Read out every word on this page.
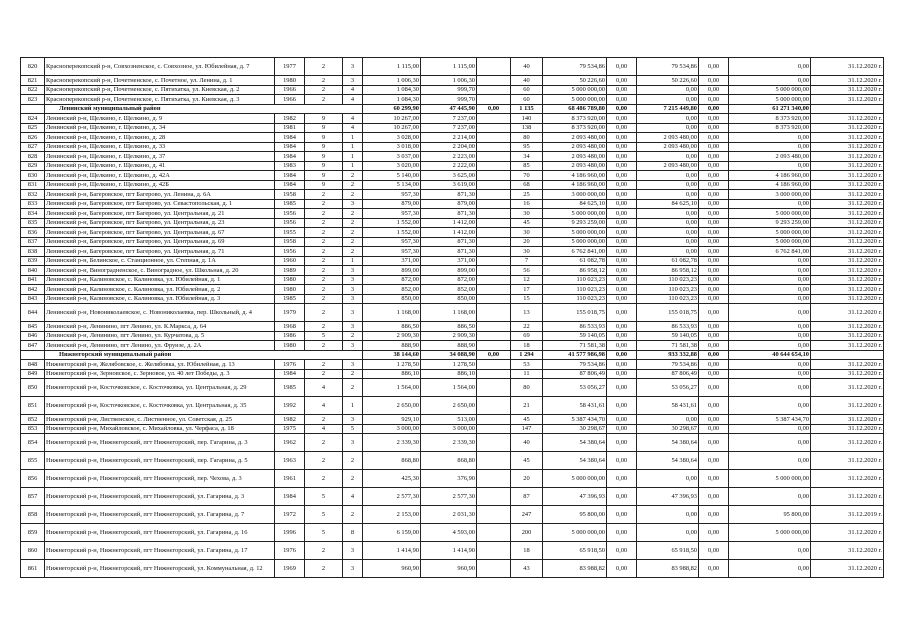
820	Красноперекопский р-н, Совхозненское, с. Совхозное, ул. Юбилейная, д. 7	1977	2	3	1 115,00	1 115,00		40	79 534,86	0,00	79 534,86	0,00	0,00	31.12.2020 г.
821	Красноперекопский р-н, Почетненское, с. Почетное, ул. Ленина, д. 1	1980	2	3	1 006,30	1 006,30		40	50 226,60	0,00	50 226,60	0,00	0,00	31.12.2020 г.
822	Красноперекопский р-н, Почетненское, с. Пятихатка, ул. Киевская, д. 2	1966	2	4	1 084,30	999,70		60	5 000 000,00	0,00	0,00	0,00	5 000 000,00	31.12.2020 г.
823	Красноперекопский р-н, Почетненское, с. Пятихатка, ул. Киевская, д. 3	1966	2	4	1 084,30	999,70		60	5 000 000,00	0,00	0,00	0,00	5 000 000,00	31.12.2020 г.
	Ленинский муниципальный район				60 299,90	47 445,90	0,00	1 135	68 486 789,80	0,00	7 215 449,80	0,00	61 271 340,00	
824	Ленинский р-н, Щелкино, г. Щелкино, д. 9	1982	9	4	10 267,00	7 237,00		140	8 373 920,00	0,00	0,00	0,00	8 373 920,00	31.12.2020 г.
825	Ленинский р-н, Щелкино, г. Щелкино, д. 34	1981	9	4	10 267,00	7 237,00		138	8 373 920,00	0,00	0,00	0,00	8 373 920,00	31.12.2020 г.
826	Ленинский р-н, Щелкино, г. Щелкино, д. 28	1984	9	1	3 028,00	2 214,00		80	2 093 480,00	0,00	2 093 480,00	0,00	0,00	31.12.2020 г.
827	Ленинский р-н, Щелкино, г. Щелкино, д. 33	1984	9	1	3 018,00	2 204,00		95	2 093 480,00	0,00	2 093 480,00	0,00	0,00	31.12.2020 г.
828	Ленинский р-н, Щелкино, г. Щелкино, д. 37	1984	9	1	3 037,00	2 223,00		34	2 093 480,00	0,00	0,00	0,00	2 093 480,00	31.12.2020 г.
829	Ленинский р-н, Щелкино, г. Щелкино, д. 41	1983	9	1	3 020,00	2 222,00		85	2 093 480,00	0,00	2 093 480,00	0,00	0,00	31.12.2020 г.
830	Ленинский р-н, Щелкино, г. Щелкино, д. 42А	1984	9	2	5 140,00	3 625,00		70	4 186 960,00	0,00	0,00	0,00	4 186 960,00	31.12.2020 г.
831	Ленинский р-н, Щелкино, г. Щелкино, д. 42Б	1984	9	2	5 134,00	3 619,00		68	4 186 960,00	0,00	0,00	0,00	4 186 960,00	31.12.2020 г.
832	Ленинский р-н, Багеровское, пгт Багерово, ул. Ленина, д. 6А	1958	2	2	957,30	871,30		25	3 000 000,00	0,00	0,00	0,00	3 000 000,00	31.12.2020 г.
833	Ленинский р-н, Багеровское, пгт Багерово, ул. Севастопольская, д. 1	1985	2	3	879,00	879,00		16	84 625,10	0,00	84 625,10	0,00	0,00	31.12.2020 г.
834	Ленинский р-н, Багеровское, пгт Багерово, ул. Центральная, д. 21	1956	2	2	957,30	871,30		30	5 000 000,00	0,00	0,00	0,00	5 000 000,00	31.12.2020 г.
835	Ленинский р-н, Багеровское, пгт Багерово, ул. Центральная, д. 23	1956	2	2	1 552,00	1 412,00		45	9 293 259,00	0,00	0,00	0,00	9 293 259,00	31.12.2020 г.
836	Ленинский р-н, Багеровское, пгт Багерово, ул. Центральная, д. 67	1955	2	2	1 552,00	1 412,00		30	5 000 000,00	0,00	0,00	0,00	5 000 000,00	31.12.2020 г.
837	Ленинский р-н, Багеровское, пгт Багерово, ул. Центральная, д. 69	1958	2	2	957,30	871,30		20	5 000 000,00	0,00	0,00	0,00	5 000 000,00	31.12.2020 г.
838	Ленинский р-н, Багеровское, пгт Багерово, ул. Центральная, д. 71	1956	2	2	957,30	871,30		30	6 762 841,00	0,00	0,00	0,00	6 762 841,00	31.12.2020 г.
839	Ленинский р-н, Белинское, с. Станционное, ул. Степная, д. 1А	1960	2	1	371,00	371,00		7	61 082,78	0,00	61 082,78	0,00	0,00	31.12.2020 г.
840	Ленинский р-н, Виноградненское, с. Виноградное, ул. Школьная, д. 20	1989	2	3	899,00	899,00		56	86 958,12	0,00	86 958,12	0,00	0,00	31.12.2020 г.
841	Ленинский р-н, Калиновское, с. Калиновка, ул. Юбилейная, д. 1	1980	2	3	872,00	872,00		12	110 023,23	0,00	110 023,23	0,00	0,00	31.12.2020 г.
842	Ленинский р-н, Калиновское, с. Калиновка, ул. Юбилейная, д. 2	1980	2	3	852,00	852,00		17	110 023,23	0,00	110 023,23	0,00	0,00	31.12.2020 г.
843	Ленинский р-н, Калиновское, с. Калиновка, ул. Юбилейная, д. 3	1985	2	3	850,00	850,00		15	110 023,23	0,00	110 023,23	0,00	0,00	31.12.2020 г.
844	Ленинский р-н, Новониколаевское, с. Новониколаевка, пер. Школьный, д. 4	1979	2	3	1 168,00	1 168,00		13	155 018,75	0,00	155 018,75	0,00	0,00	31.12.2020 г.
845	Ленинский р-н, Ленинино, пгт Ленино, ул. К.Маркса, д. 64	1968	2	3	886,50	886,50		22	86 533,93	0,00	86 533,93	0,00	0,00	31.12.2020 г.
846	Ленинский р-н, Ленинино, пгт Ленино, ул. Курчатова, д. 5	1986	5	2	2 909,30	2 909,30		69	59 140,05	0,00	59 140,05	0,00	0,00	31.12.2020 г.
847	Ленинский р-н, Ленинино, пгт Ленино, ул. Фрунзе, д. 2А	1980	2	3	888,90	888,90		18	71 581,38	0,00	71 581,38	0,00	0,00	31.12.2020 г.
	Нижнегорский муниципальный район				38 144,60	34 088,90	0,00	1 294	41 577 986,98	0,00	933 332,88	0,00	40 644 654,10	
848	Нижнегорский р-н, Желябовское, с. Желябовка, ул. Юбилейная, д. 13	1976	2	3	1 278,50	1 278,50		53	79 534,86	0,00	79 534,86	0,00	0,00	31.12.2020 г.
849	Нижнегорский р-н, Зерновское, с. Зерновое, ул. 40 лет Победы, д. 3	1984	2	2	886,10	886,10		11	87 806,49	0,00	87 806,49	0,00	0,00	31.12.2020 г.
850	Нижнегорский р-н, Косточковское, с. Косточковка, ул. Центральная, д. 29	1985	4	2	1 564,00	1 564,00		80	53 056,27	0,00	53 056,27	0,00	0,00	31.12.2020 г.
851	Нижнегорский р-н, Косточковское, с. Косточковка, ул. Центральная, д. 35	1992	4	1	2 650,00	2 650,00		21	58 431,61	0,00	58 431,61	0,00	0,00	31.12.2020 г.
852	Нижнегорский р-н, Лиственское, с. Лиственное, ул. Советская, д. 25	1982	2	3	929,10	513,00		45	5 387 434,70	0,00	0,00	0,00	5 387 434,70	31.12.2020 г.
853	Нижнегорский р-н, Михайловское, с. Михайловка, ул. Черфаса, д. 18	1975	4	5	3 000,00	3 000,00		147	30 298,67	0,00	30 298,67	0,00	0,00	31.12.2020 г.
854	Нижнегорский р-н, Нижнегорский, пгт Нижнегорский, пер. Гагарина, д. 3	1962	2	3	2 339,30	2 339,30		40	54 380,64	0,00	54 380,64	0,00	0,00	31.12.2020 г.
855	Нижнегорский р-н, Нижнегорский, пгт Нижнегорский, пер. Гагарина, д. 5	1963	2	2	868,80	868,80		45	54 380,64	0,00	54 380,64	0,00	0,00	31.12.2020 г.
856	Нижнегорский р-н, Нижнегорский, пгт Нижнегорский, пер. Чехова, д. 3	1961	2	2	425,30	376,90		20	5 000 000,00	0,00	0,00	0,00	5 000 000,00	31.12.2020 г.
857	Нижнегорский р-н, Нижнегорский, пгт Нижнегорский, ул. Гагарина, д. 3	1984	5	4	2 577,30	2 577,30		87	47 396,93	0,00	47 396,93	0,00	0,00	31.12.2020 г.
858	Нижнегорский р-н, Нижнегорский, пгт Нижнегорский, ул. Гагарина, д. 7	1972	5	2	2 153,00	2 031,30		247	95 800,00	0,00	0,00	0,00	95 800,00	31.12.2019 г.
859	Нижнегорский р-н, Нижнегорский, пгт Нижнегорский, ул. Гагарина, д. 16	1996	5	8	6 159,00	4 593,00		200	5 000 000,00	0,00	0,00	0,00	5 000 000,00	31.12.2020 г.
860	Нижнегорский р-н, Нижнегорский, пгт Нижнегорский, ул. Гагарина, д. 17	1976	2	3	1 414,90	1 414,90		18	65 918,50	0,00	65 918,50	0,00	0,00	31.12.2020 г.
861	Нижнегорский р-н, Нижнегорский, пгт Нижнегорский, ул. Коммунальная, д. 12	1969	2	3	960,90	960,90		43	83 988,82	0,00	83 988,82	0,00	0,00	31.12.2020 г.
